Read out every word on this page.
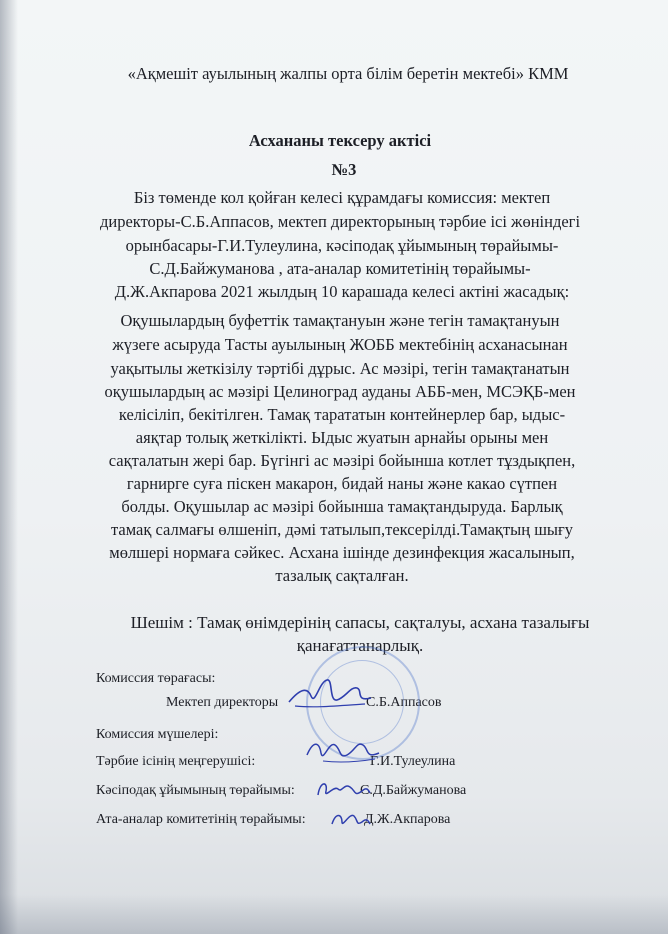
«Ақмешіт ауылының жалпы орта білім беретін мектебі» КММ
Асхананы тексеру актісі
№3
Біз төменде кол қойған келесі құрамдағы комиссия: мектеп
директоры-С.Б.Аппасов, мектеп директорының тәрбие ісі жөніндегі
орынбасары-Г.И.Тулеулина, кәсіподақ ұйымының төрайымы-
С.Д.Байжуманова , ата-аналар комитетінің төрайымы-
Д.Ж.Акпарова 2021 жылдың 10 карашада келесі актіні жасадық:
Оқушылардың буфеттік тамақтануын және тегін тамақтануын
жүзеге асыруда Тасты ауылының ЖОББ мектебінің асханасынан
уақытылы жеткізілу тәртібі дұрыс. Ас мәзірі, тегін тамақтанатын
оқушылардың ас мәзірі Целиноград ауданы АББ-мен, МСЭҚБ-мен
келісіліп, бекітілген. Тамақ тарататын контейнерлер бар, ыдыс-
аяқтар толық жеткілікті. Ыдыс жуатын арнайы орыны мен
сақталатын жері бар. Бүгінгі ас мәзірі бойынша котлет тұздықпен,
гарнирге суға піскен макарон, бидай наны және какао сүтпен
болды. Оқушылар ас мәзірі бойынша тамақтандыруда. Барлық
тамақ салмағы өлшеніп, дәмі татылып,тексерілді.Тамақтың шығу
мөлшері нормаға сәйкес. Асхана ішінде дезинфекция жасалынып,
тазалық сақталған.
Шешім : Тамақ өнімдерінің сапасы, сақталуы, асхана тазалығы
қанағаттанарлық.
Комиссия төрағасы:
Мектеп директоры	С.Б.Аппасов
Комиссия мүшелері:
Тәрбие ісінің меңгерушісі:	Г.И.Тулеулина
Кәсіподақ ұйымының төрайымы:	С.Д.Байжуманова
Ата-аналар комитетінің төрайымы:	Д.Ж.Акпарова
